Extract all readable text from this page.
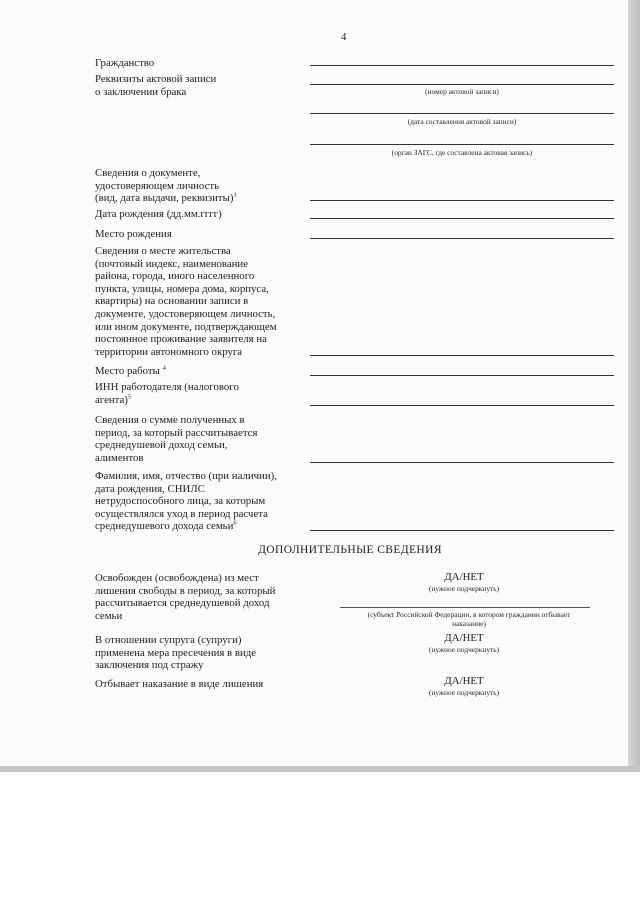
4
Гражданство
Реквизиты актовой записи
о заключении брака	(номер актовой записи)
(дата составления актовой записи)
(орган ЗАГС, где составлена актовая запись)
Сведения о документе,
удостоверяющем личность
(вид, дата выдачи, реквизиты)$^1$
Дата рождения (дд.мм.гггг)
Место рождения
Сведения о месте жительства
(почтовый индекс, наименование
района, города, иного населенного
пункта, улицы, номера дома, корпуса,
квартиры) на основании записи в
документе, удостоверяющем личность,
или ином документе, подтверждающем
постоянное проживание заявителя на
территории автономного округа
Место работы $^4$
ИНН работодателя (налогового
агента)$^5$
Сведения о сумме полученных в
период, за который рассчитывается
среднедушевой доход семьи,
алиментов
Фамилия, имя, отчество (при наличии),
дата рождения, СНИЛС
нетрудоспособного лица, за которым
осуществлялся уход в период расчета
среднедушевого дохода семьи$^6$
ДОПОЛНИТЕЛЬНЫЕ СВЕДЕНИЯ
Освобожден (освобождена) из мест
лишения свободы в период, за который
рассчитывается среднедушевой доход
семьи
ДА/НЕТ
(нужное подчеркнуть)
(субъект Российской Федерации, в котором гражданин отбывает
наказание)
В отношении супруга (супруги)
применена мера пресечения в виде
заключения под стражу
ДА/НЕТ
(нужное подчеркнуть)
Отбывает наказание в виде лишения	ДА/НЕТ
(нужное подчеркнуть)
